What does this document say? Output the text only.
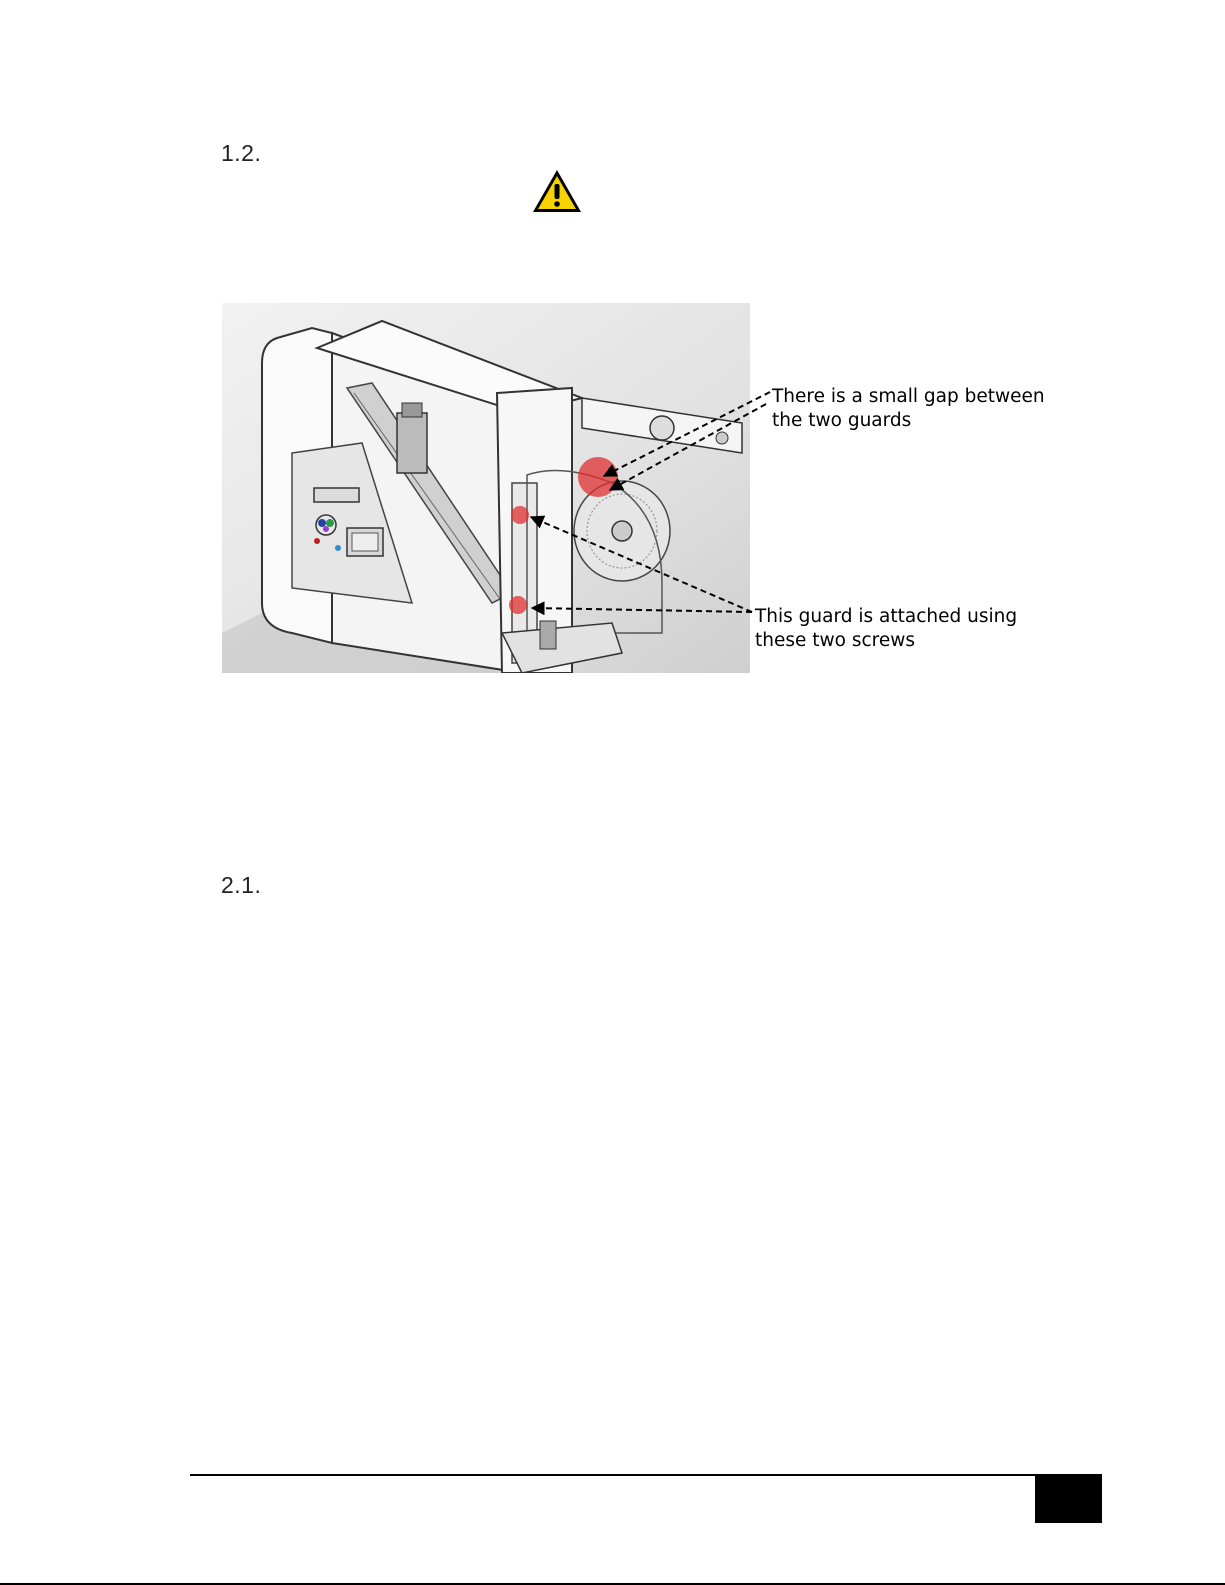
1.2.
There is a small gap between
the two guards
This guard is attached using
these two screws
2.1.
